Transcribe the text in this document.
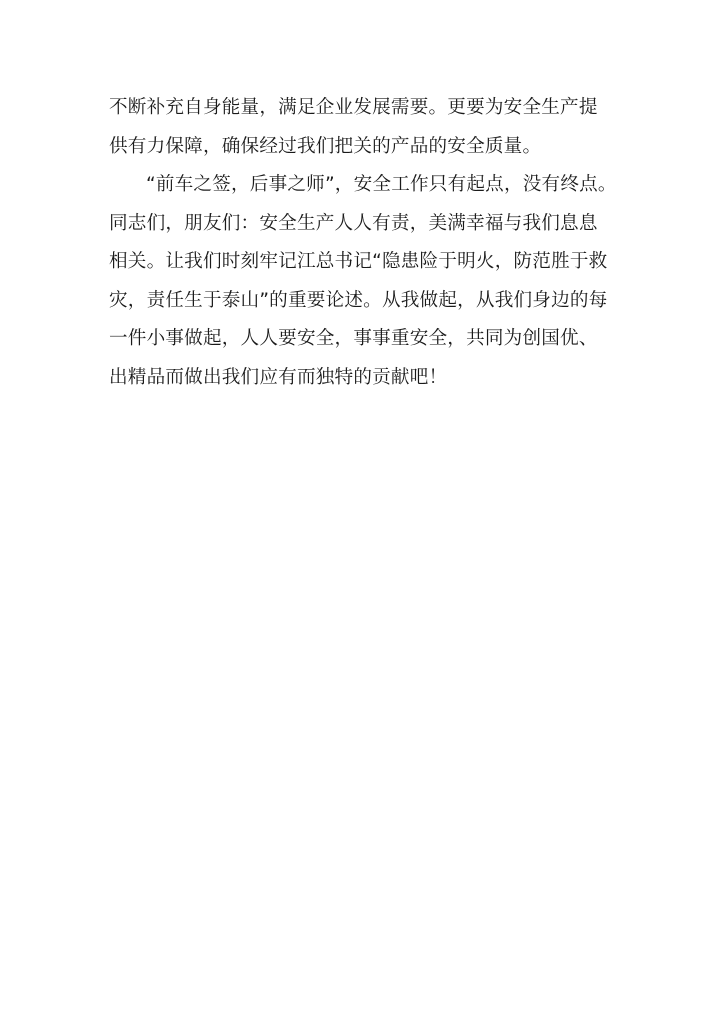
不断补充自身能量，满足企业发展需要。更要为安全生产提
供有力保障，确保经过我们把关的产品的安全质量。
“前车之签，后事之师”，安全工作只有起点，没有终点。
同志们，朋友们：安全生产人人有责，美满幸福与我们息息
相关。让我们时刻牢记江总书记“隐患险于明火，防范胜于救
灾，责任生于泰山”的重要论述。从我做起，从我们身边的每
一件小事做起，人人要安全，事事重安全，共同为创国优、
出精品而做出我们应有而独特的贡献吧！
